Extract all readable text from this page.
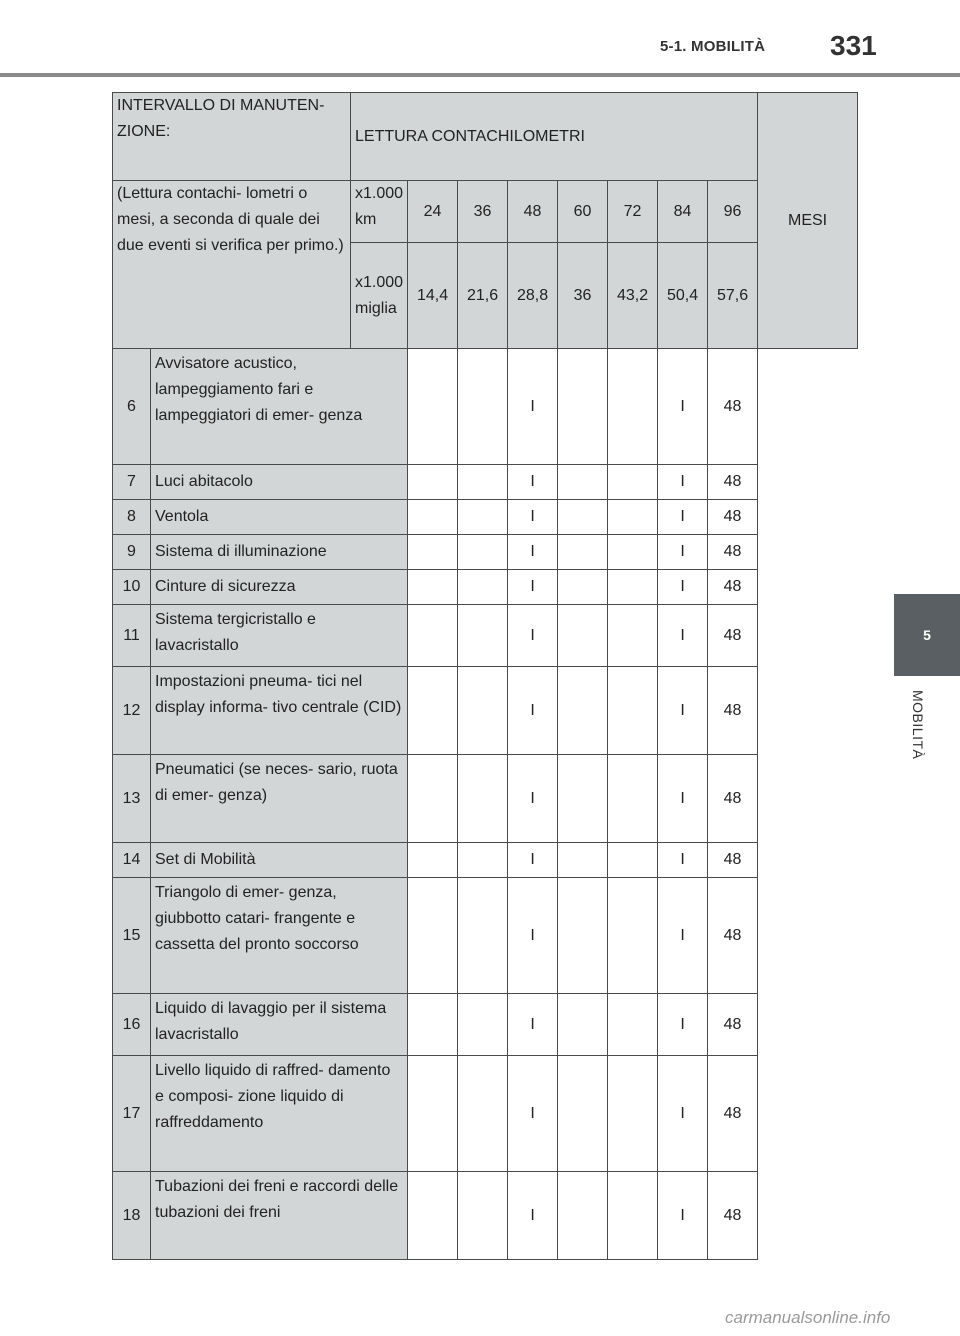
5-1. MOBILITÀ 331
5
MOBILITÀ
INTERVALLO DI MANUTEN- ZIONE:		LETTURA CONTACHILOMETRI								MESI

(Lettura contachi- lometri o mesi, a seconda di quale dei due eventi si verifica per primo.)		x1.000 km	24	36	48	60	72	84	96	

		x1.000 miglia	14,4	21,6	28,8	36	43,2	50,4	57,6	
6	Avvisatore acustico, lampeggiamento fari e lampeggiatori di emer- genza				I			I	48	
7	Luci abitacolo				I			I	48	
8	Ventola				I			I	48	
9	Sistema di illuminazione				I			I	48	
10	Cinture di sicurezza				I			I	48	
11	Sistema tergicristallo e lavacristallo				I			I	48	
12	Impostazioni pneuma- tici nel display informa- tivo centrale (CID)				I			I	48	
13	Pneumatici (se neces- sario, ruota di emer- genza)				I			I	48	
14	Set di Mobilità				I			I	48	
15	Triangolo di emer- genza, giubbotto catari- frangente e cassetta del pronto soccorso				I			I	48	
16	Liquido di lavaggio per il sistema lavacristallo				I			I	48	
17	Livello liquido di raffred- damento e composi- zione liquido di raffreddamento				I			I	48	
18	Tubazioni dei freni e raccordi delle tubazioni dei freni				I			I	48	
carmanualsonline.info
